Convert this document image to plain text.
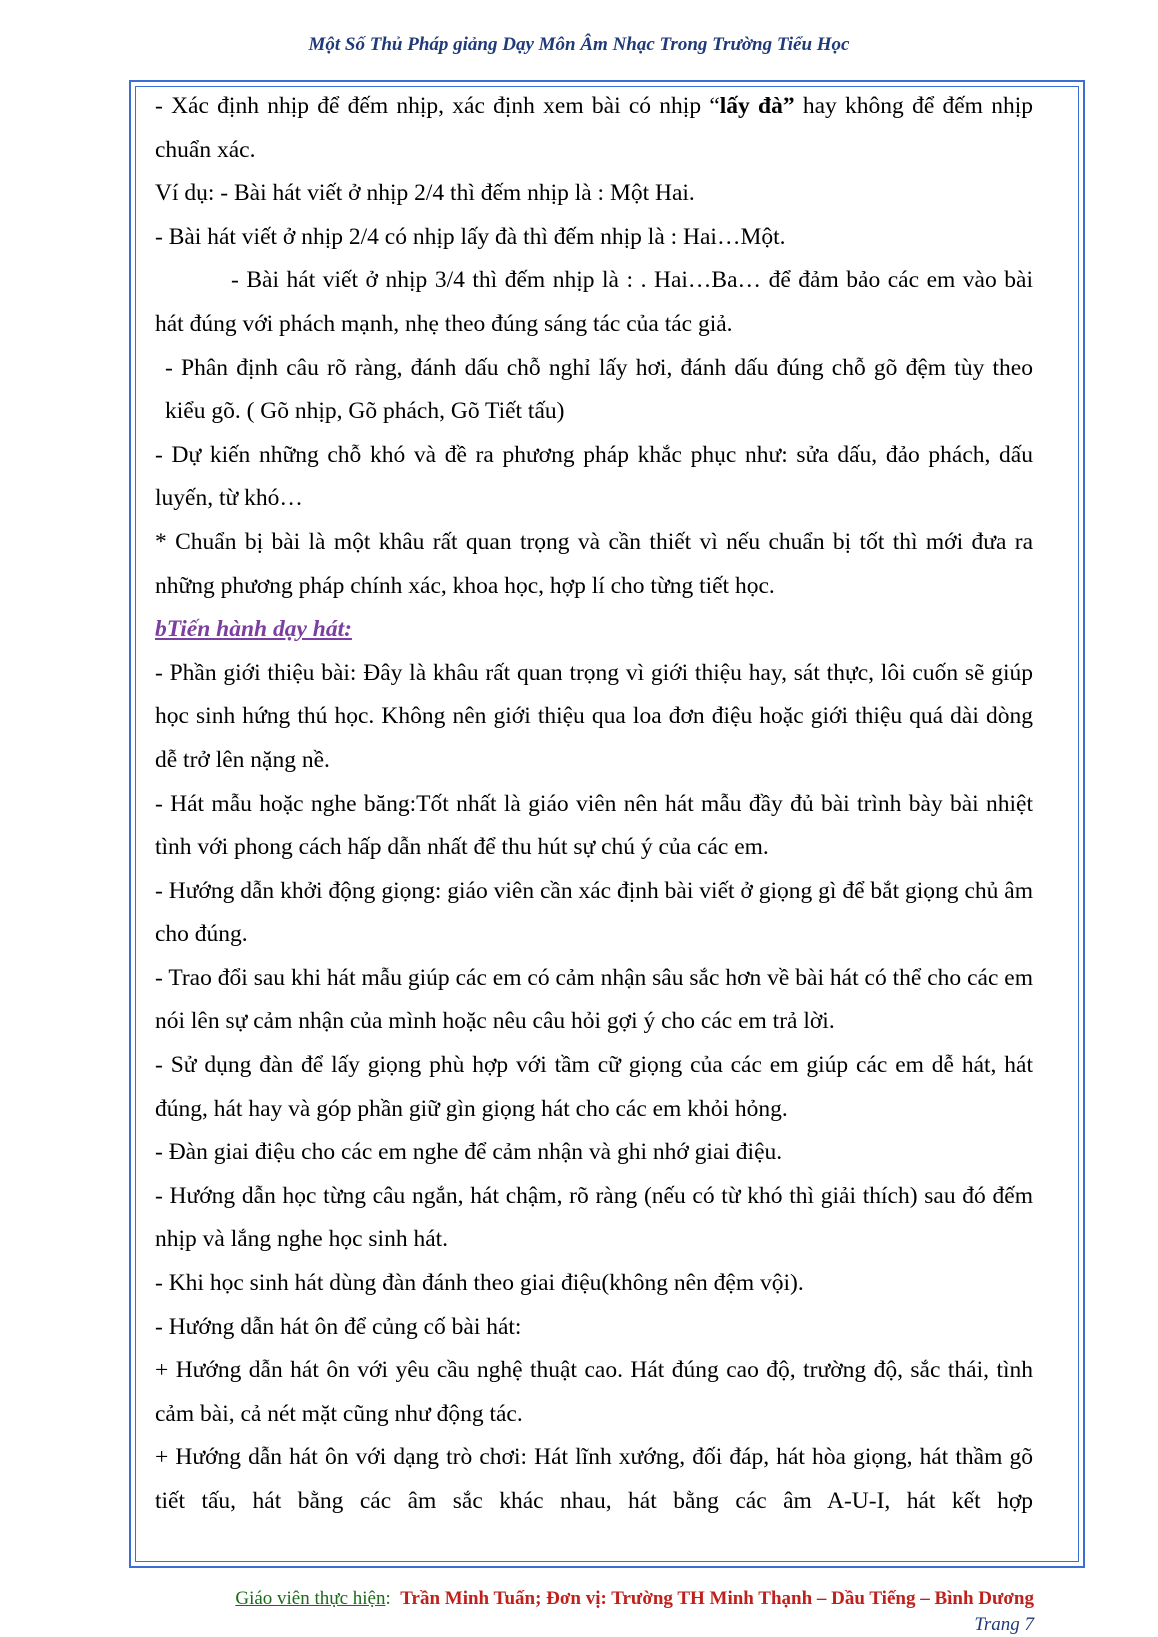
Một Số Thủ Pháp giảng Dạy Môn Âm Nhạc Trong Trường Tiểu Học

- Xác định nhịp để đếm nhịp, xác định xem bài có nhịp “lấy đà” hay không để đếm nhịp chuẩn xác.

Ví dụ: - Bài hát viết ở nhịp 2/4 thì đếm nhịp là : Một Hai.

- Bài hát viết ở nhịp 2/4 có nhịp lấy đà thì đếm nhịp là : Hai…Một.

- Bài hát viết ở nhịp 3/4 thì đếm nhịp là : . Hai…Ba… để đảm bảo các em vào bài hát đúng với phách mạnh, nhẹ theo đúng sáng tác của tác giả.

- Phân định câu rõ ràng, đánh dấu chỗ nghỉ lấy hơi, đánh dấu đúng chỗ gõ đệm tùy theo kiểu gõ. ( Gõ nhịp, Gõ phách, Gõ Tiết tấu)

- Dự kiến những chỗ khó và đề ra phương pháp khắc phục như: sửa dấu, đảo phách, dấu luyến, từ khó…

* Chuẩn bị bài là một khâu rất quan trọng và cần thiết vì nếu chuẩn bị tốt thì mới đưa ra những phương pháp chính xác, khoa học, hợp lí cho từng tiết học.

bTiến hành dạy hát:

- Phần giới thiệu bài: Đây là khâu rất quan trọng vì giới thiệu hay, sát thực, lôi cuốn sẽ giúp học sinh hứng thú học. Không nên giới thiệu qua loa đơn điệu hoặc giới thiệu quá dài dòng dễ trở lên nặng nề.

- Hát mẫu hoặc nghe băng:Tốt nhất là giáo viên nên hát mẫu đầy đủ bài trình bày bài nhiệt tình với phong cách hấp dẫn nhất để thu hút sự chú ý của các em.

- Hướng dẫn khởi động giọng: giáo viên cần xác định bài viết ở giọng gì để bắt giọng chủ âm cho đúng.

- Trao đổi sau khi hát mẫu giúp các em có cảm nhận sâu sắc hơn về bài hát có thể cho các em nói lên sự cảm nhận của mình hoặc nêu câu hỏi gợi ý cho các em trả lời.

- Sử dụng đàn để lấy giọng phù hợp với tầm cữ giọng của các em giúp các em dễ hát, hát đúng, hát hay và góp phần giữ gìn giọng hát cho các em khỏi hỏng.

- Đàn giai điệu cho các em nghe để cảm nhận và ghi nhớ giai điệu.

- Hướng dẫn học từng câu ngắn, hát chậm, rõ ràng (nếu có từ khó thì giải thích) sau đó đếm nhịp và lắng nghe học sinh hát.

- Khi học sinh hát dùng đàn đánh theo giai điệu(không nên đệm vội).

- Hướng dẫn hát ôn để củng cố bài hát:

+ Hướng dẫn hát ôn với yêu cầu nghệ thuật cao. Hát đúng cao độ, trường độ, sắc thái, tình cảm bài, cả nét mặt cũng như động tác.

+ Hướng dẫn hát ôn với dạng trò chơi: Hát lĩnh xướng, đối đáp, hát hòa giọng, hát thầm gõ tiết tấu, hát bằng các âm sắc khác nhau, hát bằng các âm A-U-I, hát kết hợp

Giáo viên thực hiện: Trần Minh Tuấn; Đơn vị: Trường TH Minh Thạnh – Dầu Tiếng – Bình Dương
Trang 7
